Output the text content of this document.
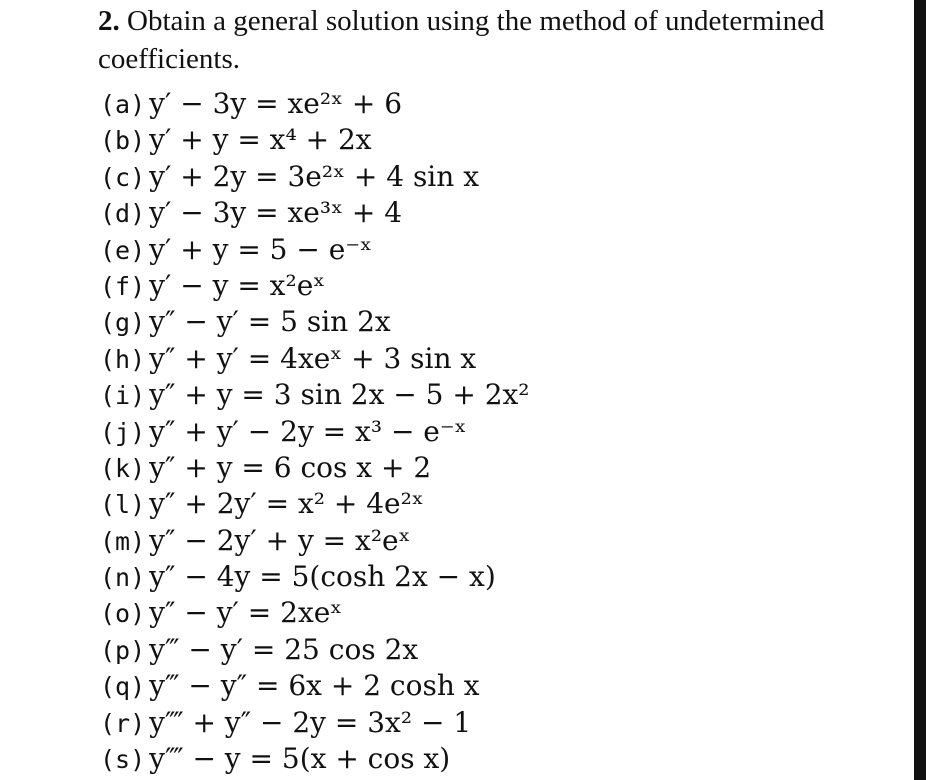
2. Obtain a general solution using the method of undetermined
coefficients.
(a) y′ − 3y = xe²ˣ + 6
(b) y′ + y = x⁴ + 2x
(c) y′ + 2y = 3e²ˣ + 4 sin x
(d) y′ − 3y = xe³ˣ + 4
(e) y′ + y = 5 − e⁻ˣ
(f) y′ − y = x²eˣ
(g) y″ − y′ = 5 sin 2x
(h) y″ + y′ = 4xeˣ + 3 sin x
(i) y″ + y = 3 sin 2x − 5 + 2x²
(j) y″ + y′ − 2y = x³ − e⁻ˣ
(k) y″ + y = 6 cos x + 2
(l) y″ + 2y′ = x² + 4e²ˣ
(m) y″ − 2y′ + y = x²eˣ
(n) y″ − 4y = 5(cosh 2x − x)
(o) y″ − y′ = 2xeˣ
(p) y‴ − y′ = 25 cos 2x
(q) y‴ − y″ = 6x + 2 cosh x
(r) y⁗ + y″ − 2y = 3x² − 1
(s) y⁗ − y = 5(x + cos x)
